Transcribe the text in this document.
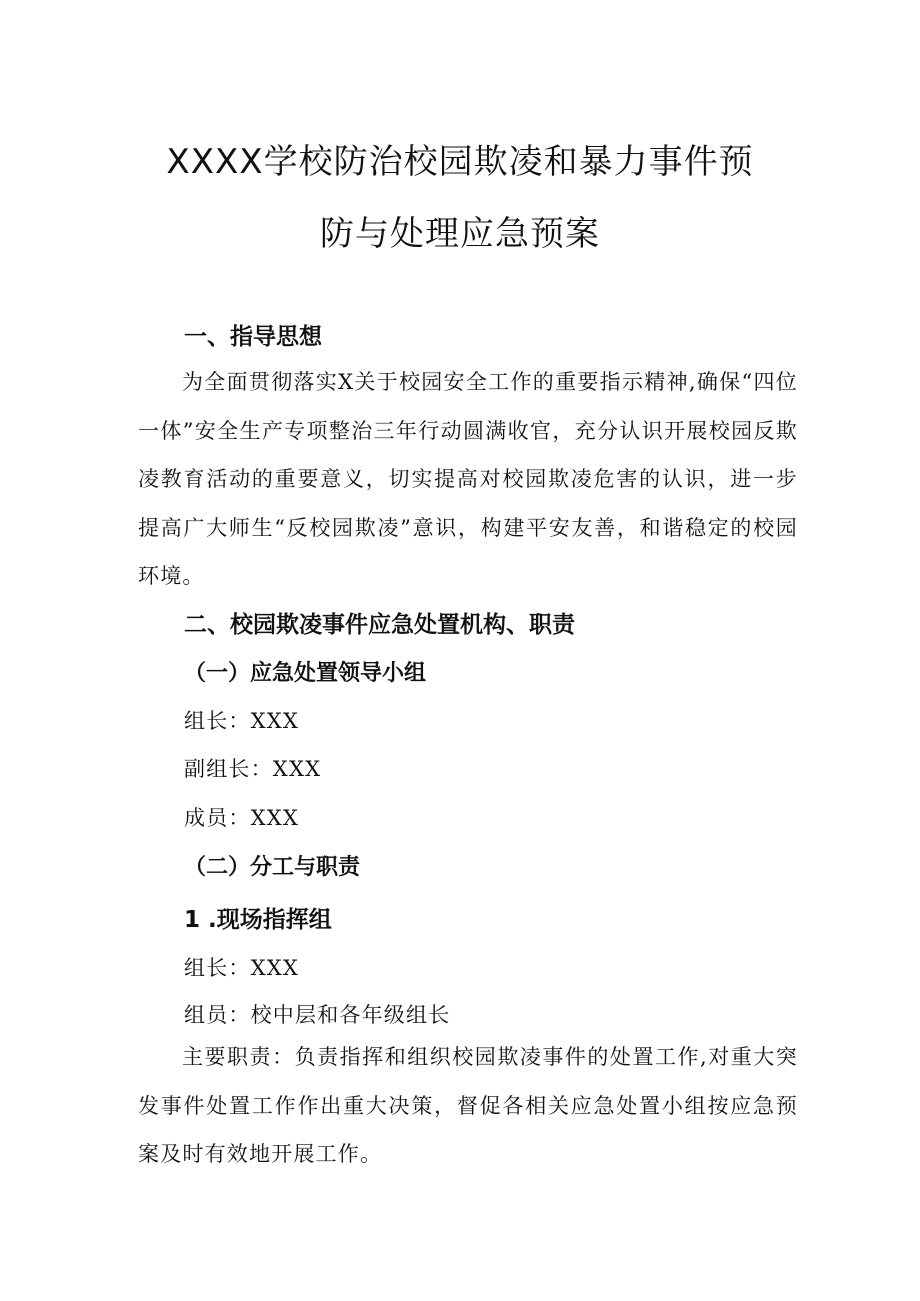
XXXX学校防治校园欺凌和暴力事件预
防与处理应急预案
一、指导思想
为全面贯彻落实X关于校园安全工作的重要指示精神,确保“四位一体”安全生产专项整治三年行动圆满收官，充分认识开展校园反欺凌教育活动的重要意义，切实提高对校园欺凌危害的认识，进一步提高广大师生“反校园欺凌”意识，构建平安友善，和谐稳定的校园环境。
二、校园欺凌事件应急处置机构、职责
（一）应急处置领导小组
组长：XXX
副组长：XXX
成员：XXX
（二）分工与职责
1 .现场指挥组
组长：XXX
组员：校中层和各年级组长
主要职责：负责指挥和组织校园欺凌事件的处置工作,对重大突发事件处置工作作出重大决策，督促各相关应急处置小组按应急预案及时有效地开展工作。
